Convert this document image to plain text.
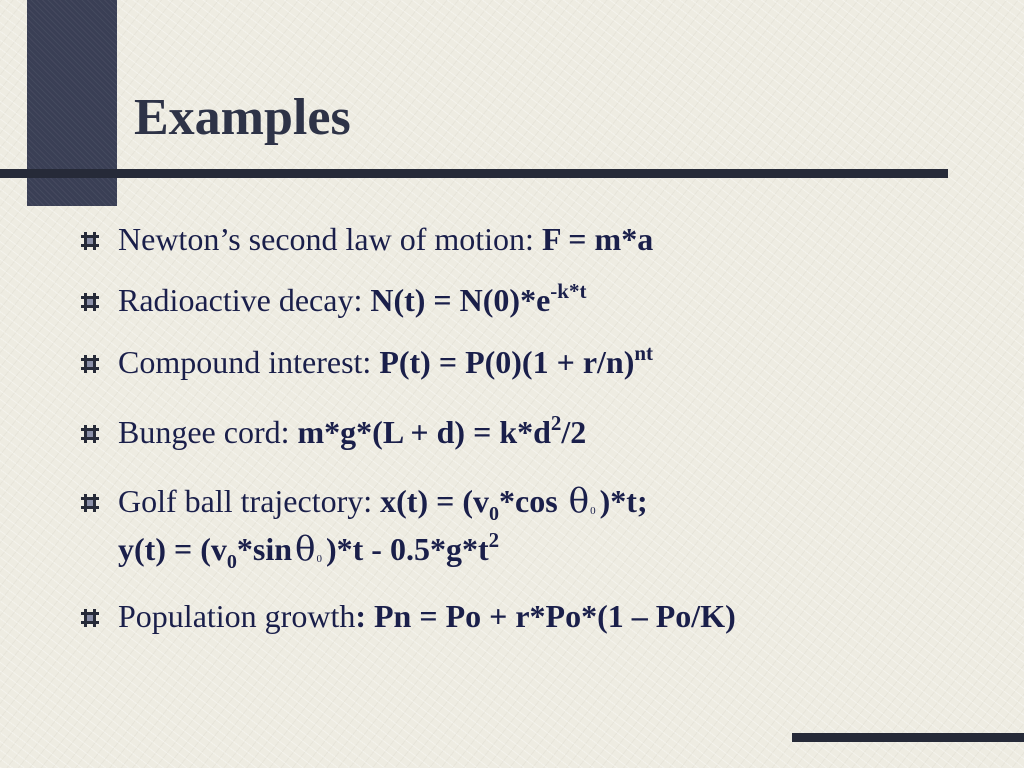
Examples
Newton’s second law of motion: F = m*a
Radioactive decay: $N(t) = N(0)*e^{-k*t}$
Compound interest: $P(t) = P(0)(1 + r/n)^{nt}$
Bungee cord: $m*g*(L + d) = k*d^2/2$
Golf ball trajectory: $x(t) = (v_0*\cos$ θ0 )*t;
$y(t) = (v_0*\sin\theta 0$ )$*t - 0.5*g*t^2$
Population growth: Pn = Po + r*Po*(1 – Po/K)
